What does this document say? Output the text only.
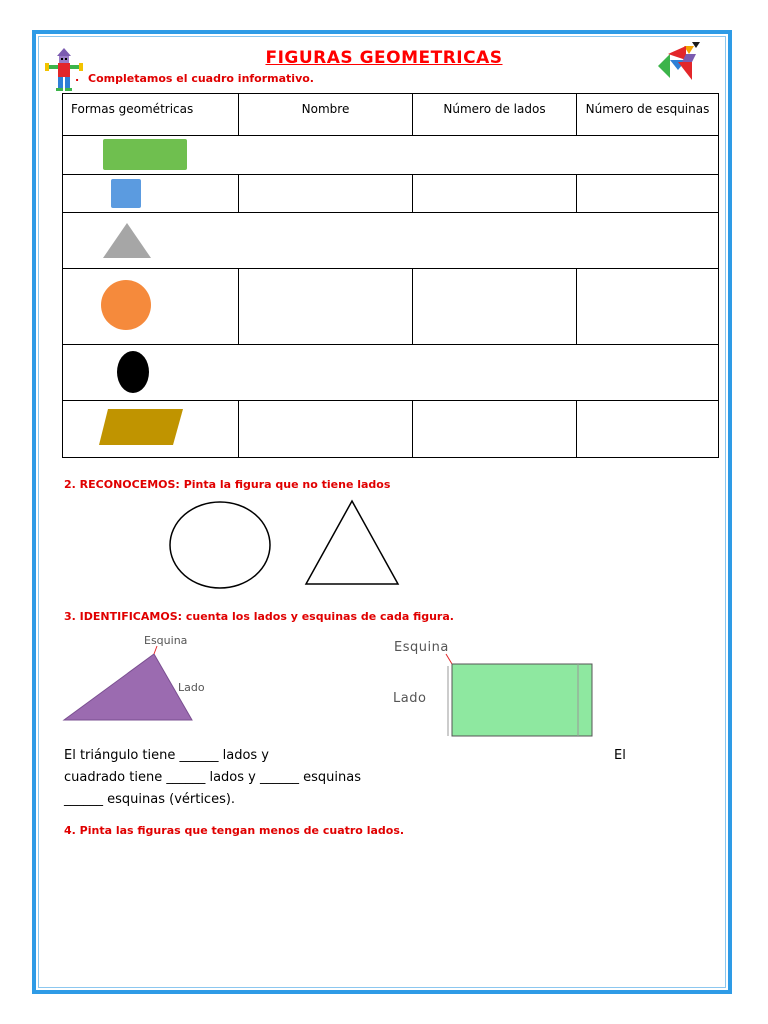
FIGURAS GEOMETRICAS
. Completamos el cuadro informativo.
Formas geométricas	Nombre	Número de lados	Número de esquinas

2. RECONOCEMOS: Pinta la figura que no tiene lados
3. IDENTIFICAMOS: cuenta los lados y esquinas de cada figura.
Esquina
Lado
Esquina
Lado
El triángulo tiene ______ lados y	El
cuadrado tiene ______ lados y ______ esquinas
______ esquinas (vértices).
4. Pinta las figuras que tengan menos de cuatro lados.
